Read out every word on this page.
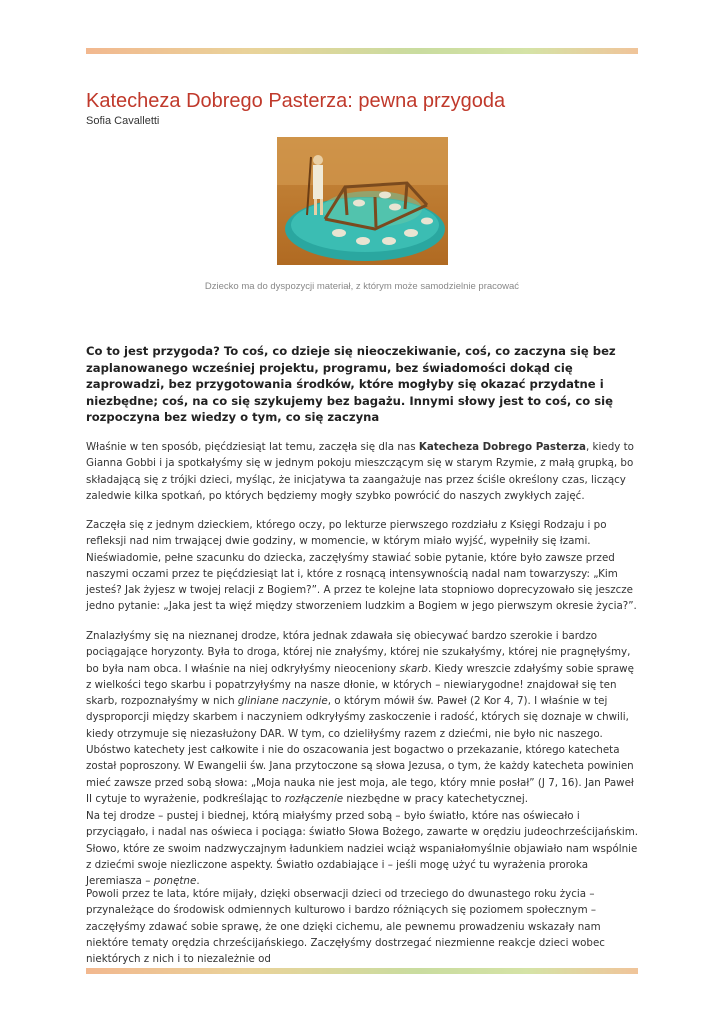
Katecheza Dobrego Pasterza: pewna przygoda
Sofia Cavalletti
Dziecko ma do dyspozycji materiał, z którym może samodzielnie pracować

Co to jest przygoda? To coś, co dzieje się nieoczekiwanie, coś, co zaczyna się bez zaplanowanego wcześniej projektu, programu, bez świadomości dokąd cię zaprowadzi, bez przygotowania środków, które mogłyby się okazać przydatne i niezbędne; coś, na co się szykujemy bez bagażu. Innymi słowy jest to coś, co się rozpoczyna bez wiedzy o tym, co się zaczyna

Właśnie w ten sposób, pięćdziesiąt lat temu, zaczęła się dla nas Katecheza Dobrego Pasterza, kiedy to Gianna Gobbi i ja spotkałyśmy się w jednym pokoju mieszczącym się w starym Rzymie, z małą grupką, bo składającą się z trójki dzieci, myśląc, że inicjatywa ta zaangażuje nas przez ściśle określony czas, liczący zaledwie kilka spotkań, po których będziemy mogły szybko powrócić do naszych zwykłych zajęć.

Zaczęła się z jednym dzieckiem, którego oczy, po lekturze pierwszego rozdziału z Księgi Rodzaju i po refleksji nad nim trwającej dwie godziny, w momencie, w którym miało wyjść, wypełniły się łzami. Nieświadomie, pełne szacunku do dziecka, zaczęłyśmy stawiać sobie pytanie, które było zawsze przed naszymi oczami przez te pięćdziesiąt lat i, które z rosnącą intensywnością nadal nam towarzyszy: „Kim jesteś? Jak żyjesz w twojej relacji z Bogiem?”. A przez te kolejne lata stopniowo doprecyzowało się jeszcze jedno pytanie: „Jaka jest ta więź między stworzeniem ludzkim a Bogiem w jego pierwszym okresie życia?”.

Znalazłyśmy się na nieznanej drodze, która jednak zdawała się obiecywać bardzo szerokie i bardzo pociągające horyzonty. Była to droga, której nie znałyśmy, której nie szukałyśmy, której nie pragnęłyśmy, bo była nam obca. I właśnie na niej odkryłyśmy nieoceniony skarb. Kiedy wreszcie zdałyśmy sobie sprawę z wielkości tego skarbu i popatrzyłyśmy na nasze dłonie, w których – niewiarygodne! znajdował się ten skarb, rozpoznałyśmy w nich gliniane naczynie, o którym mówił św. Paweł (2 Kor 4, 7). I właśnie w tej dysproporcji między skarbem i naczyniem odkryłyśmy zaskoczenie i radość, których się doznaje w chwili, kiedy otrzymuje się niezasłużony DAR. W tym, co dzieliłyśmy razem z dziećmi, nie było nic naszego. Ubóstwo katechety jest całkowite i nie do oszacowania jest bogactwo o przekazanie, którego katecheta został poproszony. W Ewangelii św. Jana przytoczone są słowa Jezusa, o tym, że każdy katecheta powinien mieć zawsze przed sobą słowa: „Moja nauka nie jest moja, ale tego, który mnie posłał” (J 7, 16). Jan Paweł II cytuje to wyrażenie, podkreślając to rozłączenie niezbędne w pracy katechetycznej.

Na tej drodze – pustej i biednej, którą miałyśmy przed sobą – było światło, które nas oświecało i przyciągało, i nadal nas oświeca i pociąga: światło Słowa Bożego, zawarte w orędziu judeochrześcijańskim. Słowo, które ze swoim nadzwyczajnym ładunkiem nadziei wciąż wspaniałomyślnie objawiało nam wspólnie z dziećmi swoje niezliczone aspekty. Światło ozdabiające i – jeśli mogę użyć tu wyrażenia proroka Jeremiasza – ponętne.

Powoli przez te lata, które mijały, dzięki obserwacji dzieci od trzeciego do dwunastego roku życia – przynależące do środowisk odmiennych kulturowo i bardzo różniących się poziomem społecznym – zaczęłyśmy zdawać sobie sprawę, że one dzięki cichemu, ale pewnemu prowadzeniu wskazały nam niektóre tematy orędzia chrześcijańskiego. Zaczęłyśmy dostrzegać niezmienne reakcje dzieci wobec niektórych z nich i to niezależnie od
